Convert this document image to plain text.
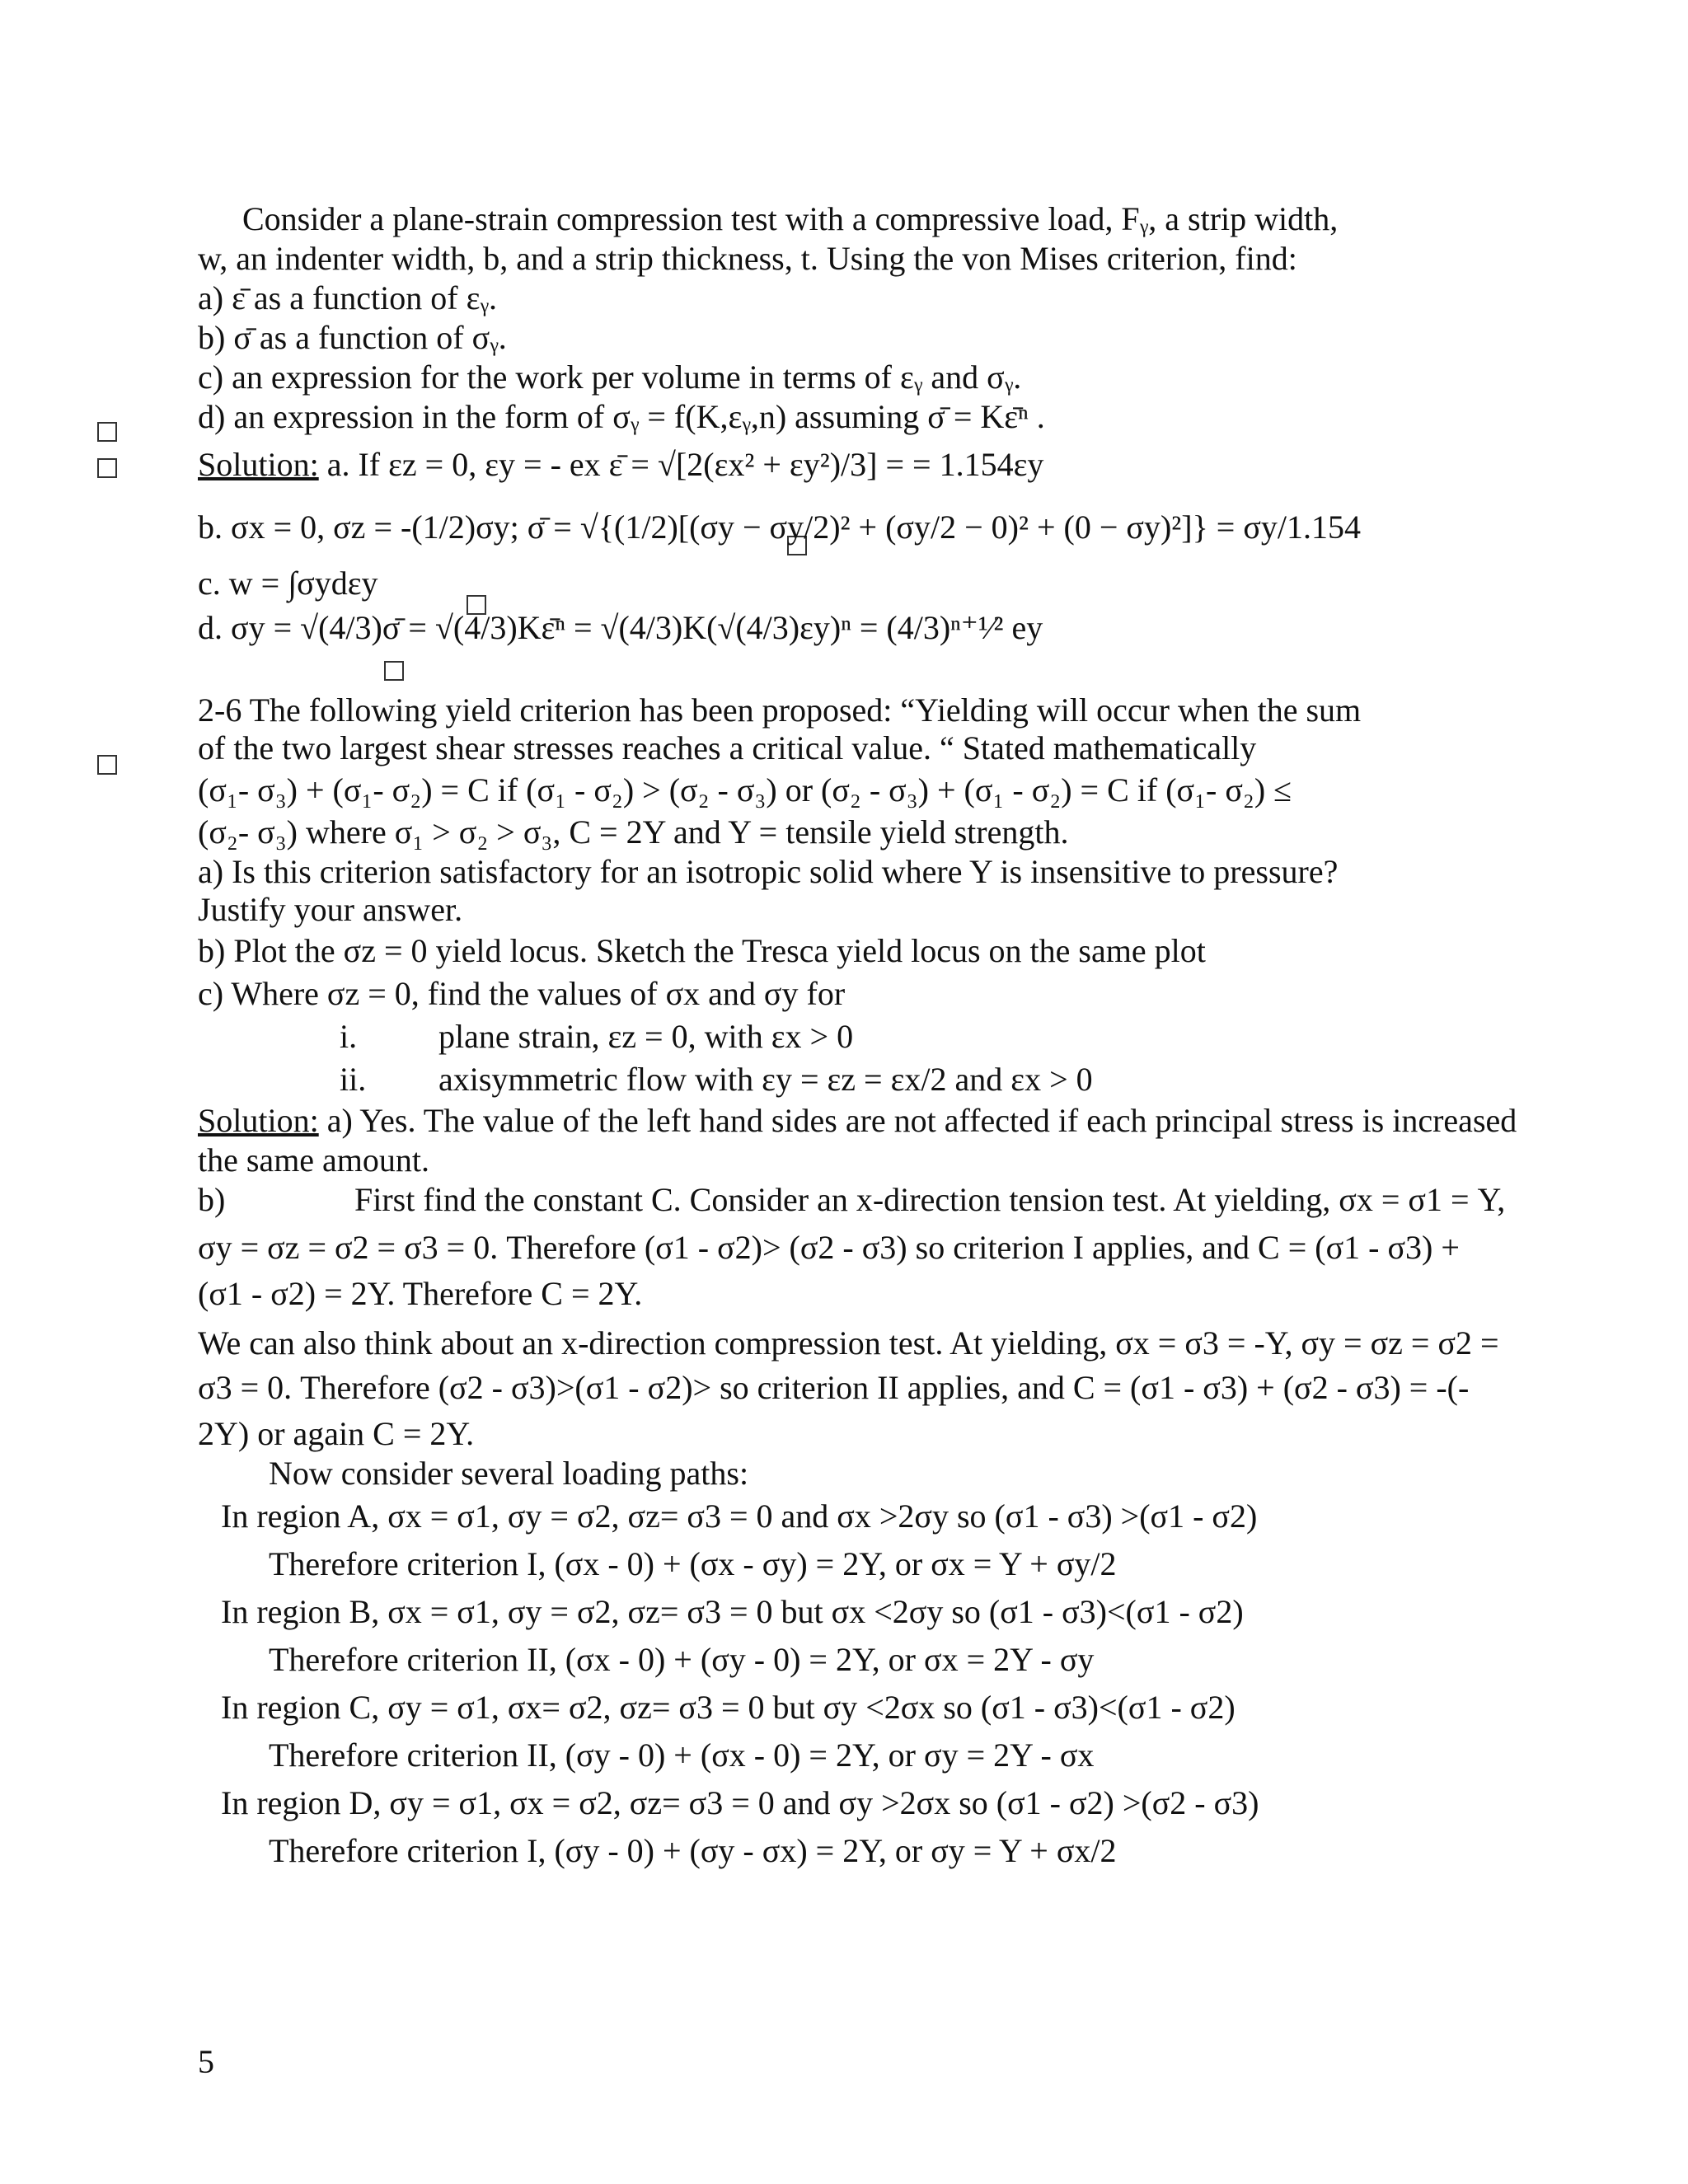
Consider a plane-strain compression test with a compressive load, Fᵧ, a strip width,
w, an indenter width, b, and a strip thickness, t. Using the von Mises criterion, find:
a) ε̄ as a function of εᵧ.
b) σ̄ as a function of σᵧ.
c) an expression for the work per volume in terms of εᵧ and σᵧ.
d) an expression in the form of σᵧ = f(K,εᵧ,n) assuming σ̄ = Kε̄ⁿ .
Solution: a. If εz = 0, εy = - ex ε̄ = √[2(εx² + εy²)/3] = = 1.154εy
b. σx = 0, σz = -(1/2)σy; σ̄ = √{(1/2)[(σy − σy/2)² + (σy/2 − 0)² + (0 − σy)²]} = σy/1.154
c. w = ∫σydεy
d. σy = √(4/3)σ̄ = √(4/3)Kε̄ⁿ = √(4/3)K(√(4/3)εy)ⁿ = (4/3)ⁿ⁺¹⁄² ey
2-6 The following yield criterion has been proposed: “Yielding will occur when the sum
of the two largest shear stresses reaches a critical value. “ Stated mathematically
(σ₁- σ₃) + (σ₁- σ₂) = C if (σ₁ - σ₂) > (σ₂ - σ₃) or (σ₂ - σ₃) + (σ₁ - σ₂) = C if (σ₁- σ₂) ≤
(σ₂- σ₃) where σ₁ > σ₂ > σ₃, C = 2Y and Y = tensile yield strength.
a) Is this criterion satisfactory for an isotropic solid where Y is insensitive to pressure?
Justify your answer.
b) Plot the σz = 0 yield locus. Sketch the Tresca yield locus on the same plot
c) Where σz = 0, find the values of σx and σy for
i. plane strain, εz = 0, with εx > 0
ii. axisymmetric flow with εy = εz = εx/2 and εx > 0
Solution: a) Yes. The value of the left hand sides are not affected if each principal stress is increased
the same amount.
b)	First find the constant C. Consider an x-direction tension test. At yielding, σx = σ1 = Y,
σy = σz = σ2 = σ3 = 0. Therefore (σ1 - σ2)> (σ2 - σ3) so criterion I applies, and C = (σ1 - σ3) +
(σ1 - σ2) = 2Y. Therefore C = 2Y.
We can also think about an x-direction compression test. At yielding, σx = σ3 = -Y, σy = σz = σ2 =
σ3 = 0. Therefore (σ2 - σ3)>(σ1 - σ2)> so criterion II applies, and C = (σ1 - σ3) + (σ2 - σ3) = -(-
2Y) or again C = 2Y.
Now consider several loading paths:
In region A, σx = σ1, σy = σ2, σz= σ3 = 0 and σx >2σy so (σ1 - σ3) >(σ1 - σ2)
Therefore criterion I, (σx - 0) + (σx - σy) = 2Y, or σx = Y + σy/2
In region B, σx = σ1, σy = σ2, σz= σ3 = 0 but σx <2σy so (σ1 - σ3)<(σ1 - σ2)
Therefore criterion II, (σx - 0) + (σy - 0) = 2Y, or σx = 2Y - σy
In region C, σy = σ1, σx= σ2, σz= σ3 = 0 but σy <2σx so (σ1 - σ3)<(σ1 - σ2)
Therefore criterion II, (σy - 0) + (σx - 0) = 2Y, or σy = 2Y - σx
In region D, σy = σ1, σx = σ2, σz= σ3 = 0 and σy >2σx so (σ1 - σ2) >(σ2 - σ3)
Therefore criterion I, (σy - 0) + (σy - σx) = 2Y, or σy = Y + σx/2
5
